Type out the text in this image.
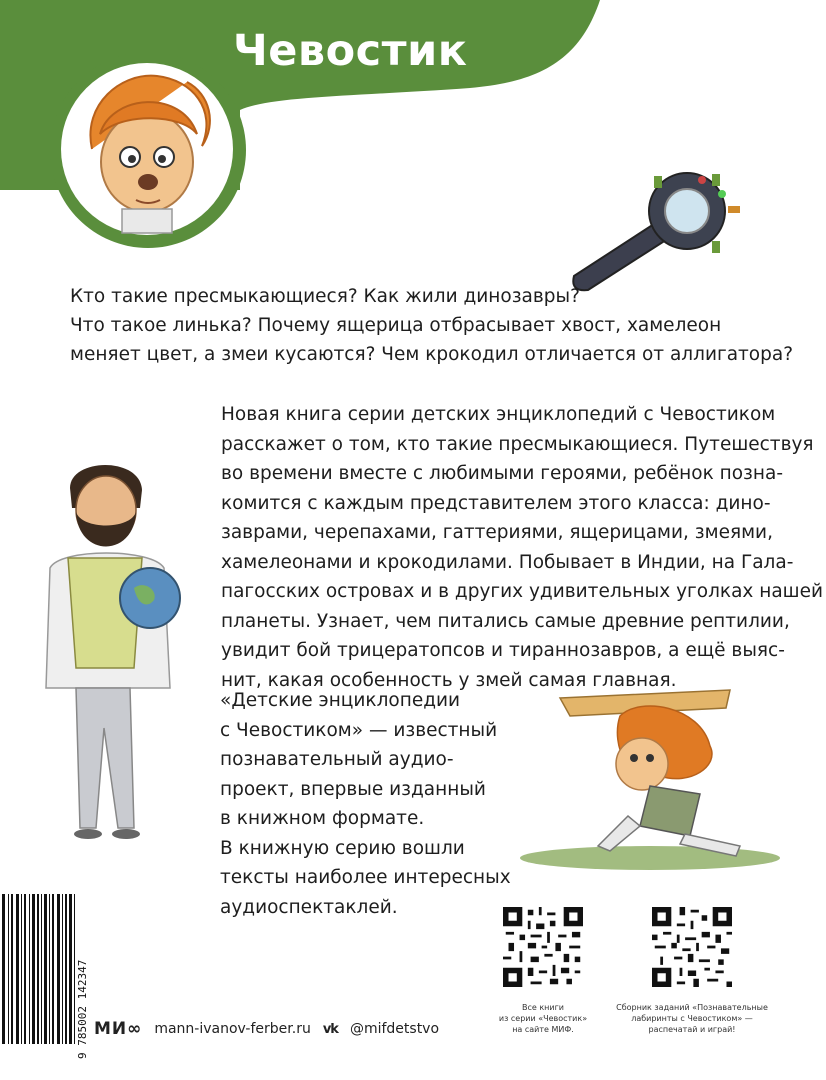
Чевостик
Кто такие пресмыкающиеся? Как жили динозавры?
Что такое линька? Почему ящерица отбрасывает хвост, хамелеон
меняет цвет, а змеи кусаются? Чем крокодил отличается от аллигатора?
Новая книга серии детских энциклопедий с Чевостиком
расскажет о том, кто такие пресмыкающиеся. Путешествуя
во времени вместе с любимыми героями, ребёнок позна-
комится с каждым представителем этого класса: дино-
заврами, черепахами, гаттериями, ящерицами, змеями,
хамелеонами и крокодилами. Побывает в Индии, на Гала-
пагосских островах и в других удивительных уголках нашей
планеты. Узнает, чем питались самые древние рептилии,
увидит бой трицератопсов и тираннозавров, а ещё выяс-
нит, какая особенность у змей самая главная.
«Детские энциклопедии
с Чевостиком» — известный
познавательный аудио-
проект, впервые изданный
в книжном формате.
В книжную серию вошли
тексты наиболее интересных
аудиоспектаклей.
9 785002 142347	Все книги
из серии «Чевостик»
на сайте МИФ.
Сборник заданий «Познавательные
лабиринты с Чевостиком» —
распечатай и играй!
МИ∞ mann-ivanov-ferber.ru vk @mifdetstvo
